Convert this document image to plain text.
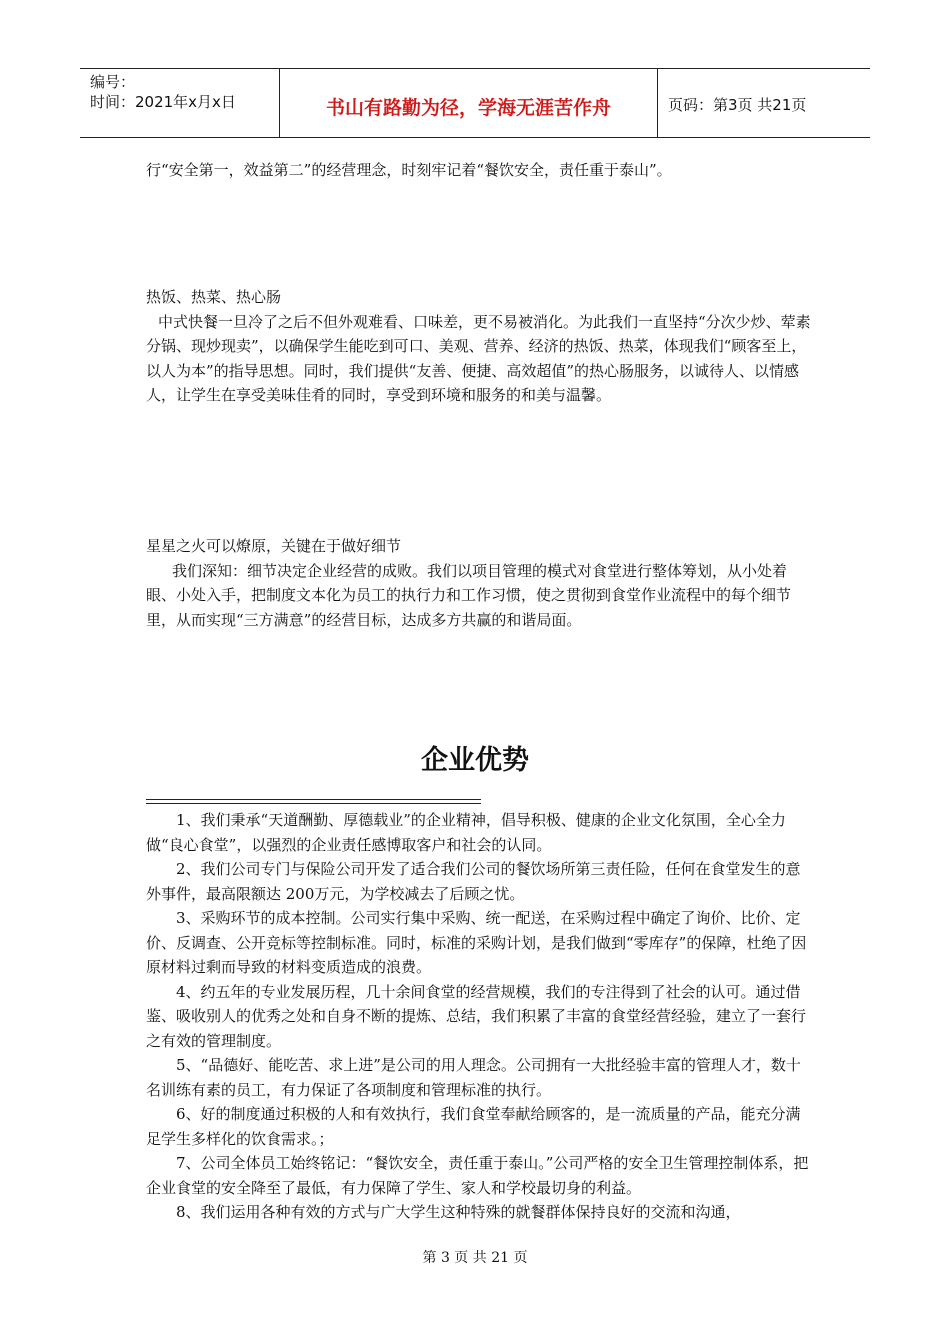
编号：
时间：2021年x月x日	书山有路勤为径，学海无涯苦作舟	页码：第3页 共21页
行“安全第一，效益第二”的经营理念，时刻牢记着“餐饮安全，责任重于泰山”。

热饭、热菜、热心肠

中式快餐一旦冷了之后不但外观难看、口味差，更不易被消化。为此我们一直坚持“分次少炒、荤素分锅、现炒现卖”，以确保学生能吃到可口、美观、营养、经济的热饭、热菜，体现我们“顾客至上，以人为本”的指导思想。同时，我们提供“友善、便捷、高效超值”的热心肠服务，以诚待人、以情感人，让学生在享受美味佳肴的同时，享受到环境和服务的和美与温馨。

星星之火可以燎原，关键在于做好细节

我们深知：细节决定企业经营的成败。我们以项目管理的模式对食堂进行整体筹划，从小处着眼、小处入手，把制度文本化为员工的执行力和工作习惯，使之贯彻到食堂作业流程中的每个细节里，从而实现“三方满意”的经营目标，达成多方共赢的和谐局面。

企业优势

1、我们秉承“天道酬勤、厚德载业”的企业精神，倡导积极、健康的企业文化氛围，全心全力做“良心食堂”，以强烈的企业责任感博取客户和社会的认同。

2、我们公司专门与保险公司开发了适合我们公司的餐饮场所第三责任险，任何在食堂发生的意外事件，最高限额达 200万元，为学校减去了后顾之忧。

3、采购环节的成本控制。公司实行集中采购、统一配送，在采购过程中确定了询价、比价、定价、反调查、公开竞标等控制标准。同时，标准的采购计划，是我们做到“零库存”的保障，杜绝了因原材料过剩而导致的材料变质造成的浪费。

4、约五年的专业发展历程，几十余间食堂的经营规模，我们的专注得到了社会的认可。通过借鉴、吸收别人的优秀之处和自身不断的提炼、总结，我们积累了丰富的食堂经营经验，建立了一套行之有效的管理制度。

5、“品德好、能吃苦、求上进”是公司的用人理念。公司拥有一大批经验丰富的管理人才，数十名训练有素的员工，有力保证了各项制度和管理标准的执行。

6、好的制度通过积极的人和有效执行，我们食堂奉献给顾客的，是一流质量的产品，能充分满足学生多样化的饮食需求。；

7、公司全体员工始终铭记：“餐饮安全，责任重于泰山。”公司严格的安全卫生管理控制体系，把企业食堂的安全降至了最低，有力保障了学生、家人和学校最切身的利益。

8、我们运用各种有效的方式与广大学生这种特殊的就餐群体保持良好的交流和沟通，

第 3 页 共 21 页
